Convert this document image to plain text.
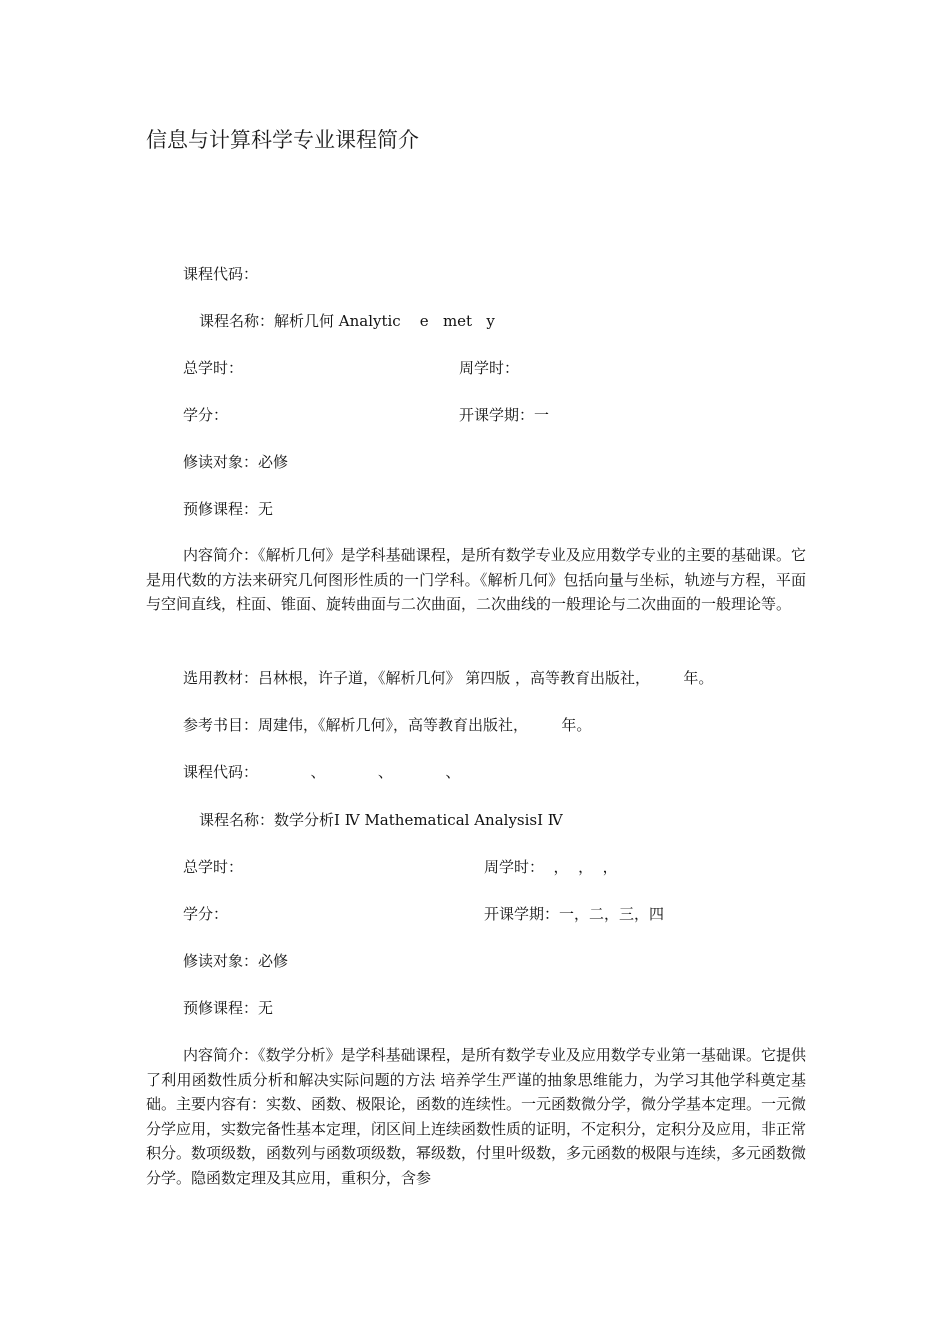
信息与计算科学专业课程简介
课程代码：
课程名称：解析几何 Analytic    e   met   y
总学时：	周学时：
学分：	开课学期：一
修读对象：必修
预修课程：无
内容简介：《解析几何》是学科基础课程，是所有数学专业及应用数学专业的主要的基础课。它是用代数的方法来研究几何图形性质的一门学科。《解析几何》包括向量与坐标，轨迹与方程，平面与空间直线，柱面、锥面、旋转曲面与二次曲面，二次曲线的一般理论与二次曲面的一般理论等。
选用教材：吕林根，许子道，《解析几何》 第四版 ，高等教育出版社，       年。
参考书目：周建伟，《解析几何》，高等教育出版社，       年。
课程代码：           、           、           、
课程名称：数学分析Ⅰ Ⅳ Mathematical AnalysisⅠ Ⅳ
总学时：	周学时：  ，  ，  ，
学分：	开课学期：一，二，三，四
修读对象：必修
预修课程：无
内容简介：《数学分析》是学科基础课程，是所有数学专业及应用数学专业第一基础课。它提供了利用函数性质分析和解决实际问题的方法 培养学生严谨的抽象思维能力，为学习其他学科奠定基础。主要内容有：实数、函数、极限论，函数的连续性。一元函数微分学，微分学基本定理。一元微分学应用，实数完备性基本定理，闭区间上连续函数性质的证明，不定积分，定积分及应用，非正常积分。数项级数，函数列与函数项级数，幂级数，付里叶级数，多元函数的极限与连续，多元函数微分学。隐函数定理及其应用，重积分，含参
